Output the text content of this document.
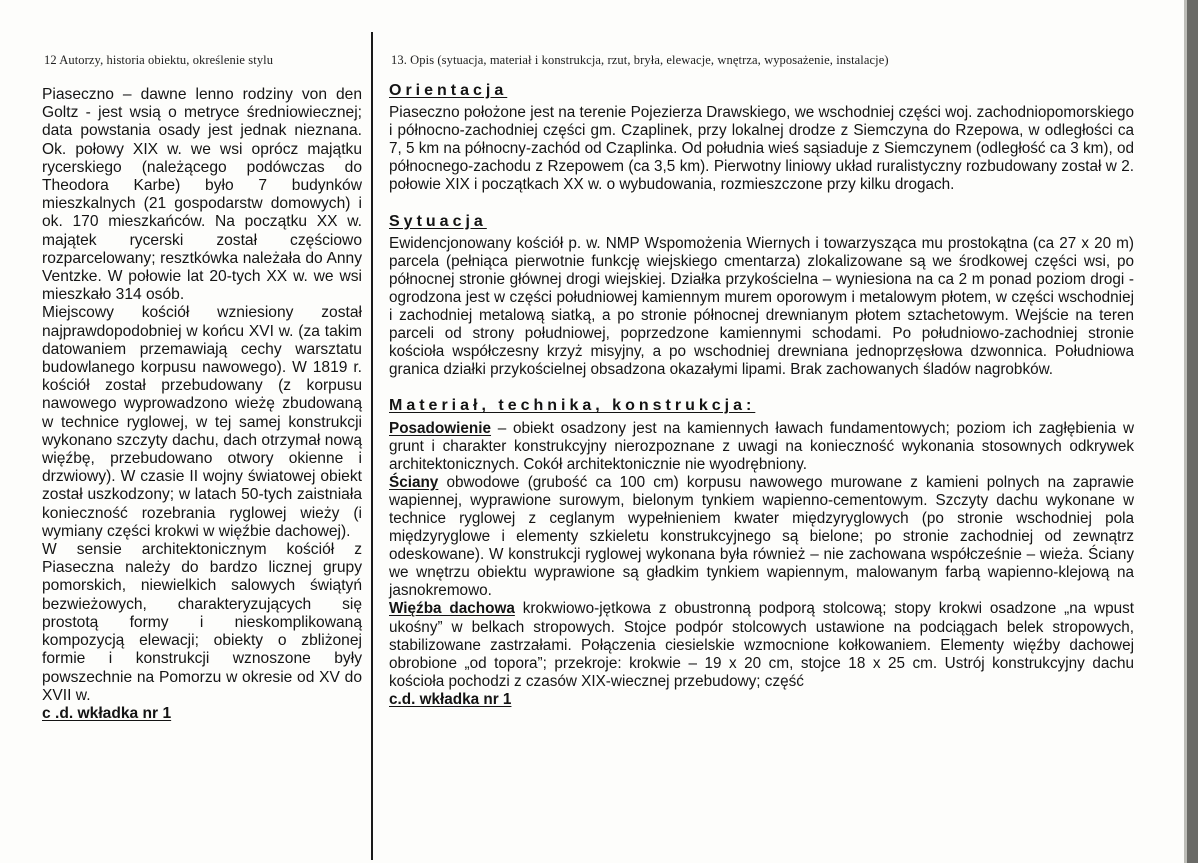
12 Autorzy, historia obiektu, określenie stylu	13. Opis (sytuacja, materiał i konstrukcja, rzut, bryła, elewacje, wnętrza, wyposażenie, instalacje)

Piaseczno – dawne lenno rodziny von den Goltz - jest wsią o metryce średniowiecznej; data powstania osady jest jednak nieznana. Ok. połowy XIX w. we wsi oprócz majątku rycerskiego (należącego podówczas do Theodora Karbe) było 7 budynków mieszkalnych (21 gospodarstw domowych) i ok. 170 mieszkańców. Na początku XX w. majątek rycerski został częściowo rozparcelowany; resztkówka należała do Anny Ventzke. W połowie lat 20-tych XX w. we wsi mieszkało 314 osób.

Miejscowy kościół wzniesiony został najprawdopodobniej w końcu XVI w. (za takim datowaniem przemawiają cechy warsztatu budowlanego korpusu nawowego). W 1819 r. kościół został przebudowany (z korpusu nawowego wyprowadzono wieżę zbudowaną w technice ryglowej, w tej samej konstrukcji wykonano szczyty dachu, dach otrzymał nową więźbę, przebudowano otwory okienne i drzwiowy). W czasie II wojny światowej obiekt został uszkodzony; w latach 50-tych zaistniała konieczność rozebrania ryglowej wieży (i wymiany części krokwi w więźbie dachowej).

W sensie architektonicznym kościół z Piaseczna należy do bardzo licznej grupy pomorskich, niewielkich salowych świątyń bezwieżowych, charakteryzujących się prostotą formy i nieskomplikowaną kompozycją elewacji; obiekty o zbliżonej formie i konstrukcji wznoszone były powszechnie na Pomorzu w okresie od XV do XVII w.

c .d. wkładka nr 1

Orientacja

Piaseczno położone jest na terenie Pojezierza Drawskiego, we wschodniej części woj. zachodniopomorskiego i północno-zachodniej części gm. Czaplinek, przy lokalnej drodze z Siemczyna do Rzepowa, w odległości ca 7, 5 km na północny-zachód od Czaplinka. Od południa wieś sąsiaduje z Siemczynem (odległość ca 3 km), od północnego-zachodu z Rzepowem (ca 3,5 km). Pierwotny liniowy układ ruralistyczny rozbudowany został w 2. połowie XIX i początkach XX w. o wybudowania, rozmieszczone przy kilku drogach.

Sytuacja

Ewidencjonowany kościół p. w. NMP Wspomożenia Wiernych i towarzysząca mu prostokątna (ca 27 x 20 m) parcela (pełniąca pierwotnie funkcję wiejskiego cmentarza) zlokalizowane są we środkowej części wsi, po północnej stronie głównej drogi wiejskiej. Działka przykościelna – wyniesiona na ca 2 m ponad poziom drogi - ogrodzona jest w części południowej kamiennym murem oporowym i metalowym płotem, w części wschodniej i zachodniej metalową siatką, a po stronie północnej drewnianym płotem sztachetowym. Wejście na teren parceli od strony południowej, poprzedzone kamiennymi schodami. Po południowo-zachodniej stronie kościoła współczesny krzyż misyjny, a po wschodniej drewniana jednoprzęsłowa dzwonnica. Południowa granica działki przykościelnej obsadzona okazałymi lipami. Brak zachowanych śladów nagrobków.

Materiał, technika, konstrukcja:

Posadowienie – obiekt osadzony jest na kamiennych ławach fundamentowych; poziom ich zagłębienia w grunt i charakter konstrukcyjny nierozpoznane z uwagi na konieczność wykonania stosownych odkrywek architektonicznych. Cokół architektonicznie nie wyodrębniony.

Ściany obwodowe (grubość ca 100 cm) korpusu nawowego murowane z kamieni polnych na zaprawie wapiennej, wyprawione surowym, bielonym tynkiem wapienno-cementowym. Szczyty dachu wykonane w technice ryglowej z ceglanym wypełnieniem kwater międzyryglowych (po stronie wschodniej pola międzyryglowe i elementy szkieletu konstrukcyjnego są bielone; po stronie zachodniej od zewnątrz odeskowane). W konstrukcji ryglowej wykonana była również – nie zachowana współcześnie – wieża. Ściany we wnętrzu obiektu wyprawione są gładkim tynkiem wapiennym, malowanym farbą wapienno-klejową na jasnokremowo.

Więźba dachowa krokwiowo-jętkowa z obustronną podporą stolcową; stopy krokwi osadzone „na wpust ukośny” w belkach stropowych. Stojce podpór stolcowych ustawione na podciągach belek stropowych, stabilizowane zastrzałami. Połączenia ciesielskie wzmocnione kołkowaniem. Elementy więźby dachowej obrobione „od topora”; przekroje: krokwie – 19 x 20 cm, stojce 18 x 25 cm. Ustrój konstrukcyjny dachu kościoła pochodzi z czasów XIX-wiecznej przebudowy; część

c.d. wkładka nr 1
